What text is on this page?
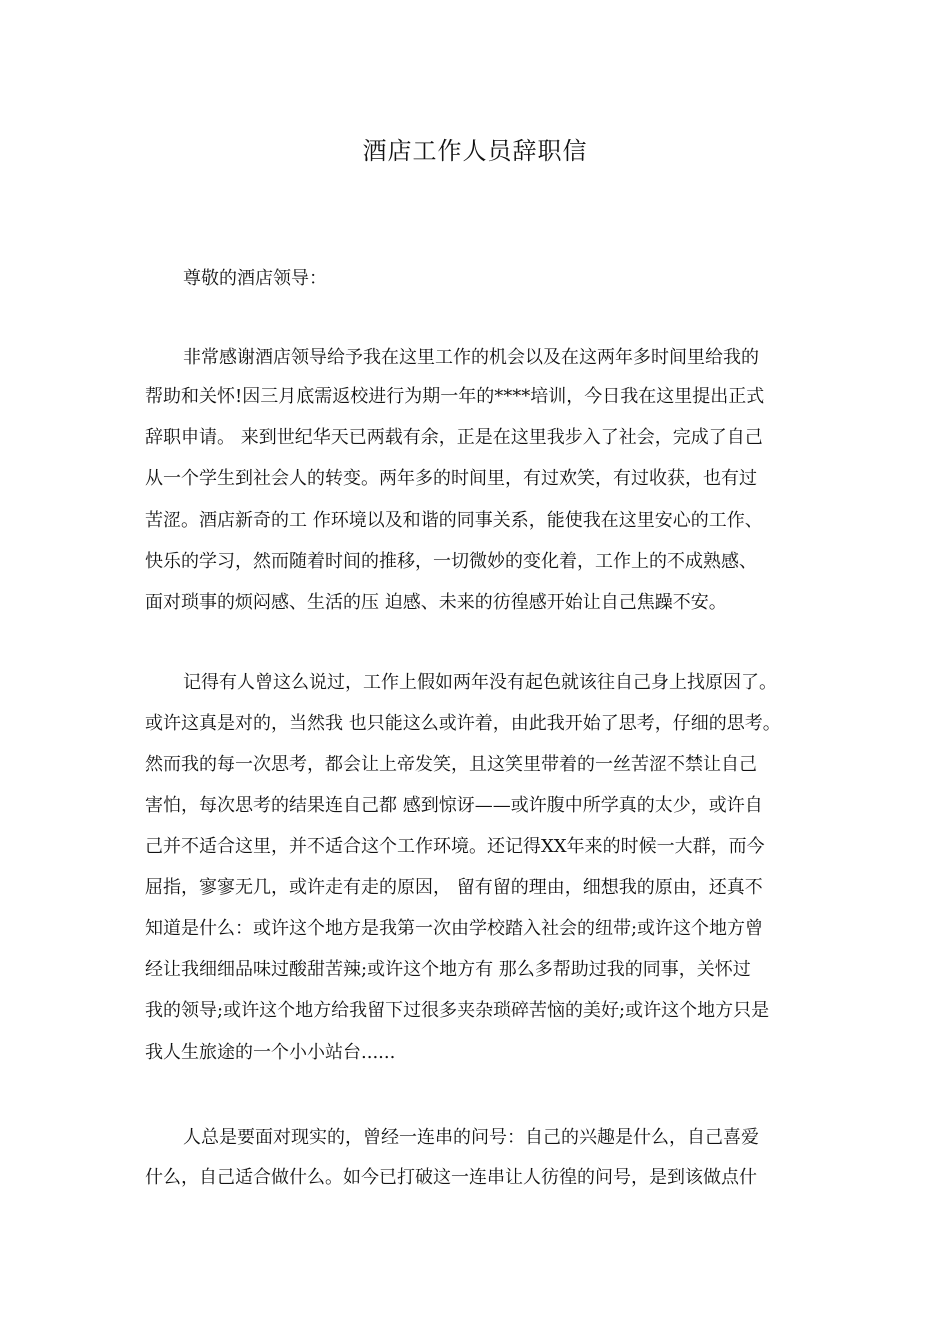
酒店工作人员辞职信
尊敬的酒店领导：
非常感谢酒店领导给予我在这里工作的机会以及在这两年多时间里给我的
帮助和关怀!因三月底需返校进行为期一年的****培训，今日我在这里提出正式
辞职申请。 来到世纪华天已两载有余，正是在这里我步入了社会，完成了自己
从一个学生到社会人的转变。两年多的时间里，有过欢笑，有过收获，也有过
苦涩。酒店新奇的工 作环境以及和谐的同事关系，能使我在这里安心的工作、
快乐的学习，然而随着时间的推移，一切微妙的变化着，工作上的不成熟感、
面对琐事的烦闷感、生活的压 迫感、未来的彷徨感开始让自己焦躁不安。
记得有人曾这么说过，工作上假如两年没有起色就该往自己身上找原因了。
或许这真是对的，当然我 也只能这么或许着，由此我开始了思考，仔细的思考。
然而我的每一次思考，都会让上帝发笑，且这笑里带着的一丝苦涩不禁让自己
害怕，每次思考的结果连自己都 感到惊讶——或许腹中所学真的太少，或许自
己并不适合这里，并不适合这个工作环境。还记得XX年来的时候一大群，而今
屈指，寥寥无几，或许走有走的原因， 留有留的理由，细想我的原由，还真不
知道是什么：或许这个地方是我第一次由学校踏入社会的纽带;或许这个地方曾
经让我细细品味过酸甜苦辣;或许这个地方有 那么多帮助过我的同事，关怀过
我的领导;或许这个地方给我留下过很多夹杂琐碎苦恼的美好;或许这个地方只是
我人生旅途的一个小小站台......
人总是要面对现实的，曾经一连串的问号：自己的兴趣是什么，自己喜爱
什么，自己适合做什么。如今已打破这一连串让人彷徨的问号，是到该做点什
